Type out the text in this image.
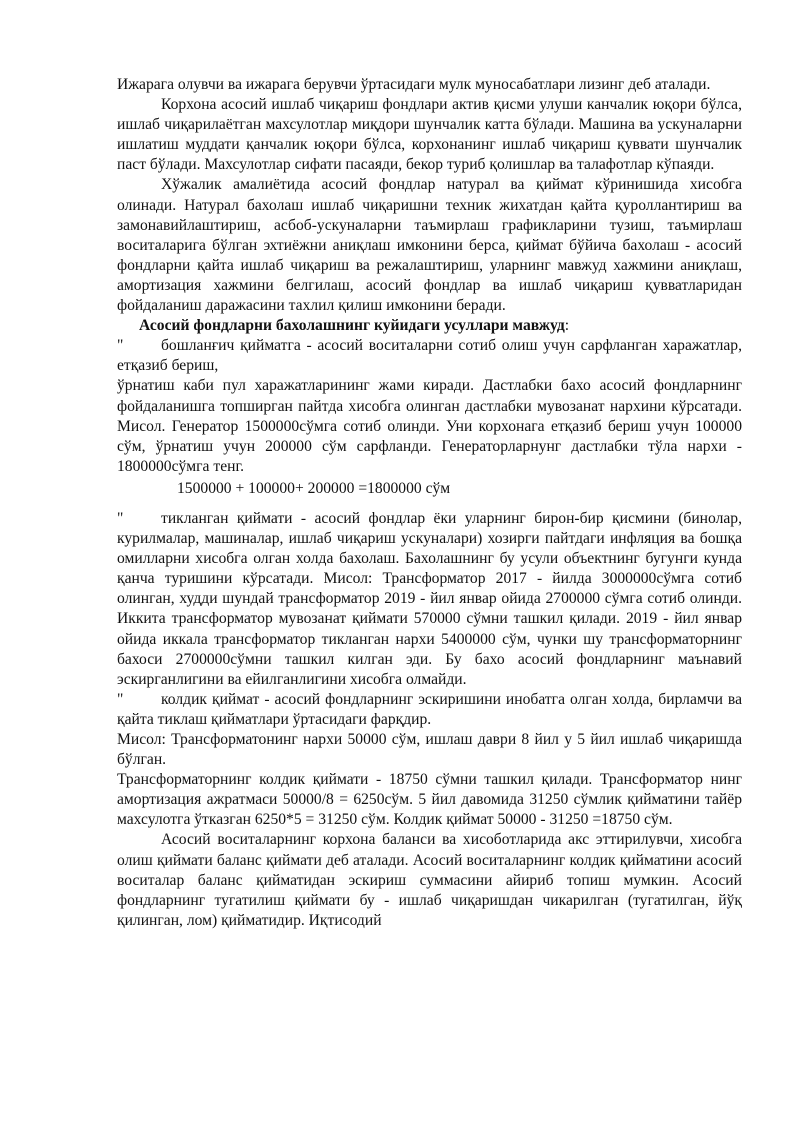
Ижарага олувчи ва ижарага берувчи ўртасидаги мулк муносабатлари лизинг деб аталади.

Корхона асосий ишлаб чиқариш фондлари актив қисми улуши канчалик юқори бўлса, ишлаб чиқарилаётган махсулотлар миқдори шунчалик катта бўлади. Машина ва ускуналарни ишлатиш муддати қанчалик юқори бўлса, корхонанинг ишлаб чиқариш қуввати шунчалик паст бўлади. Махсулотлар сифати пасаяди, бекор туриб қолишлар ва талафотлар кўпаяди.

Хўжалик амалиётида асосий фондлар натурал ва қиймат кўринишида хисобга олинади. Натурал бахолаш ишлаб чиқаришни техник жихатдан қайта қуроллантириш ва замонавийлаштириш, асбоб-ускуналарни таъмирлаш графикларини тузиш, таъмирлаш воситаларига бўлган эхтиёжни аниқлаш имконини берса, қиймат бўйича бахолаш - асосий фондларни қайта ишлаб чиқариш ва режалаштириш, уларнинг мавжуд хажмини аниқлаш, амортизация хажмини белгилаш, асосий фондлар ва ишлаб чиқариш қувватларидан фойдаланиш даражасини тахлил қилиш имконини беради.

Асосий фондларни бахолашнинг куйидаги усуллари мавжуд:

" бошланғич қийматга - асосий воситаларни сотиб олиш учун сарфланган харажатлар, етқазиб бериш,

ўрнатиш каби пул харажатларининг жами киради. Дастлабки бахо асосий фондларнинг фойдаланишга топширган пайтда хисобга олинган дастлабки мувозанат нархини кўрсатади. Мисол. Генератор 1500000сўмга сотиб олинди. Уни корхонага етқазиб бериш учун 100000 сўм, ўрнатиш учун 200000 сўм сарфланди. Генераторларнунг дастлабки тўла нархи - 1800000сўмга тенг.

1500000 + 100000+ 200000 =1800000 сўм

" тикланган қиймати - асосий фондлар ёки уларнинг бирон-бир қисмини (бинолар, курилмалар, машиналар, ишлаб чиқариш ускуналари) хозирги пайтдаги инфляция ва бошқа омилларни хисобга олган холда бахолаш. Бахолашнинг бу усули объектнинг бугунги кунда қанча туришини кўрсатади. Мисол: Трансформатор 2017 - йилда 3000000сўмга сотиб олинган, худди шундай трансформатор 2019 - йил январ ойида 2700000 сўмга сотиб олинди. Иккита трансформатор мувозанат қиймати 570000 сўмни ташкил қилади. 2019 - йил январ ойида иккала трансформатор тикланган нархи 5400000 сўм, чунки шу трансформаторнинг бахоси 2700000сўмни ташкил килган эди. Бу бахо асосий фондларнинг маънавий эскирганлигини ва ейилганлигини хисобга олмайди.

" колдик қиймат - асосий фондларнинг эскиришини инобатга олган холда, бирламчи ва қайта тиклаш қийматлари ўртасидаги фарқдир.

Мисол: Трансформатонинг нархи 50000 сўм, ишлаш даври 8 йил у 5 йил ишлаб чиқаришда бўлган.

Трансформаторнинг колдик қиймати - 18750 сўмни ташкил қилади. Трансформатор нинг амортизация ажратмаси 50000/8 = 6250сўм. 5 йил давомида 31250 сўмлик қийматини тайёр махсулотга ўтказган 6250*5 = 31250 сўм. Колдик қиймат 50000 - 31250 =18750 сўм.

Асосий воситаларнинг корхона баланси ва хисоботларида акс эттирилувчи, хисобга олиш қиймати баланс қиймати деб аталади. Асосий воситаларнинг колдик қийматини асосий воситалар баланс қийматидан эскириш суммасини айириб топиш мумкин. Асосий фондларнинг тугатилиш қиймати бу - ишлаб чиқаришдан чикарилган (тугатилган, йўқ қилинган, лом) қийматидир. Иқтисодий
